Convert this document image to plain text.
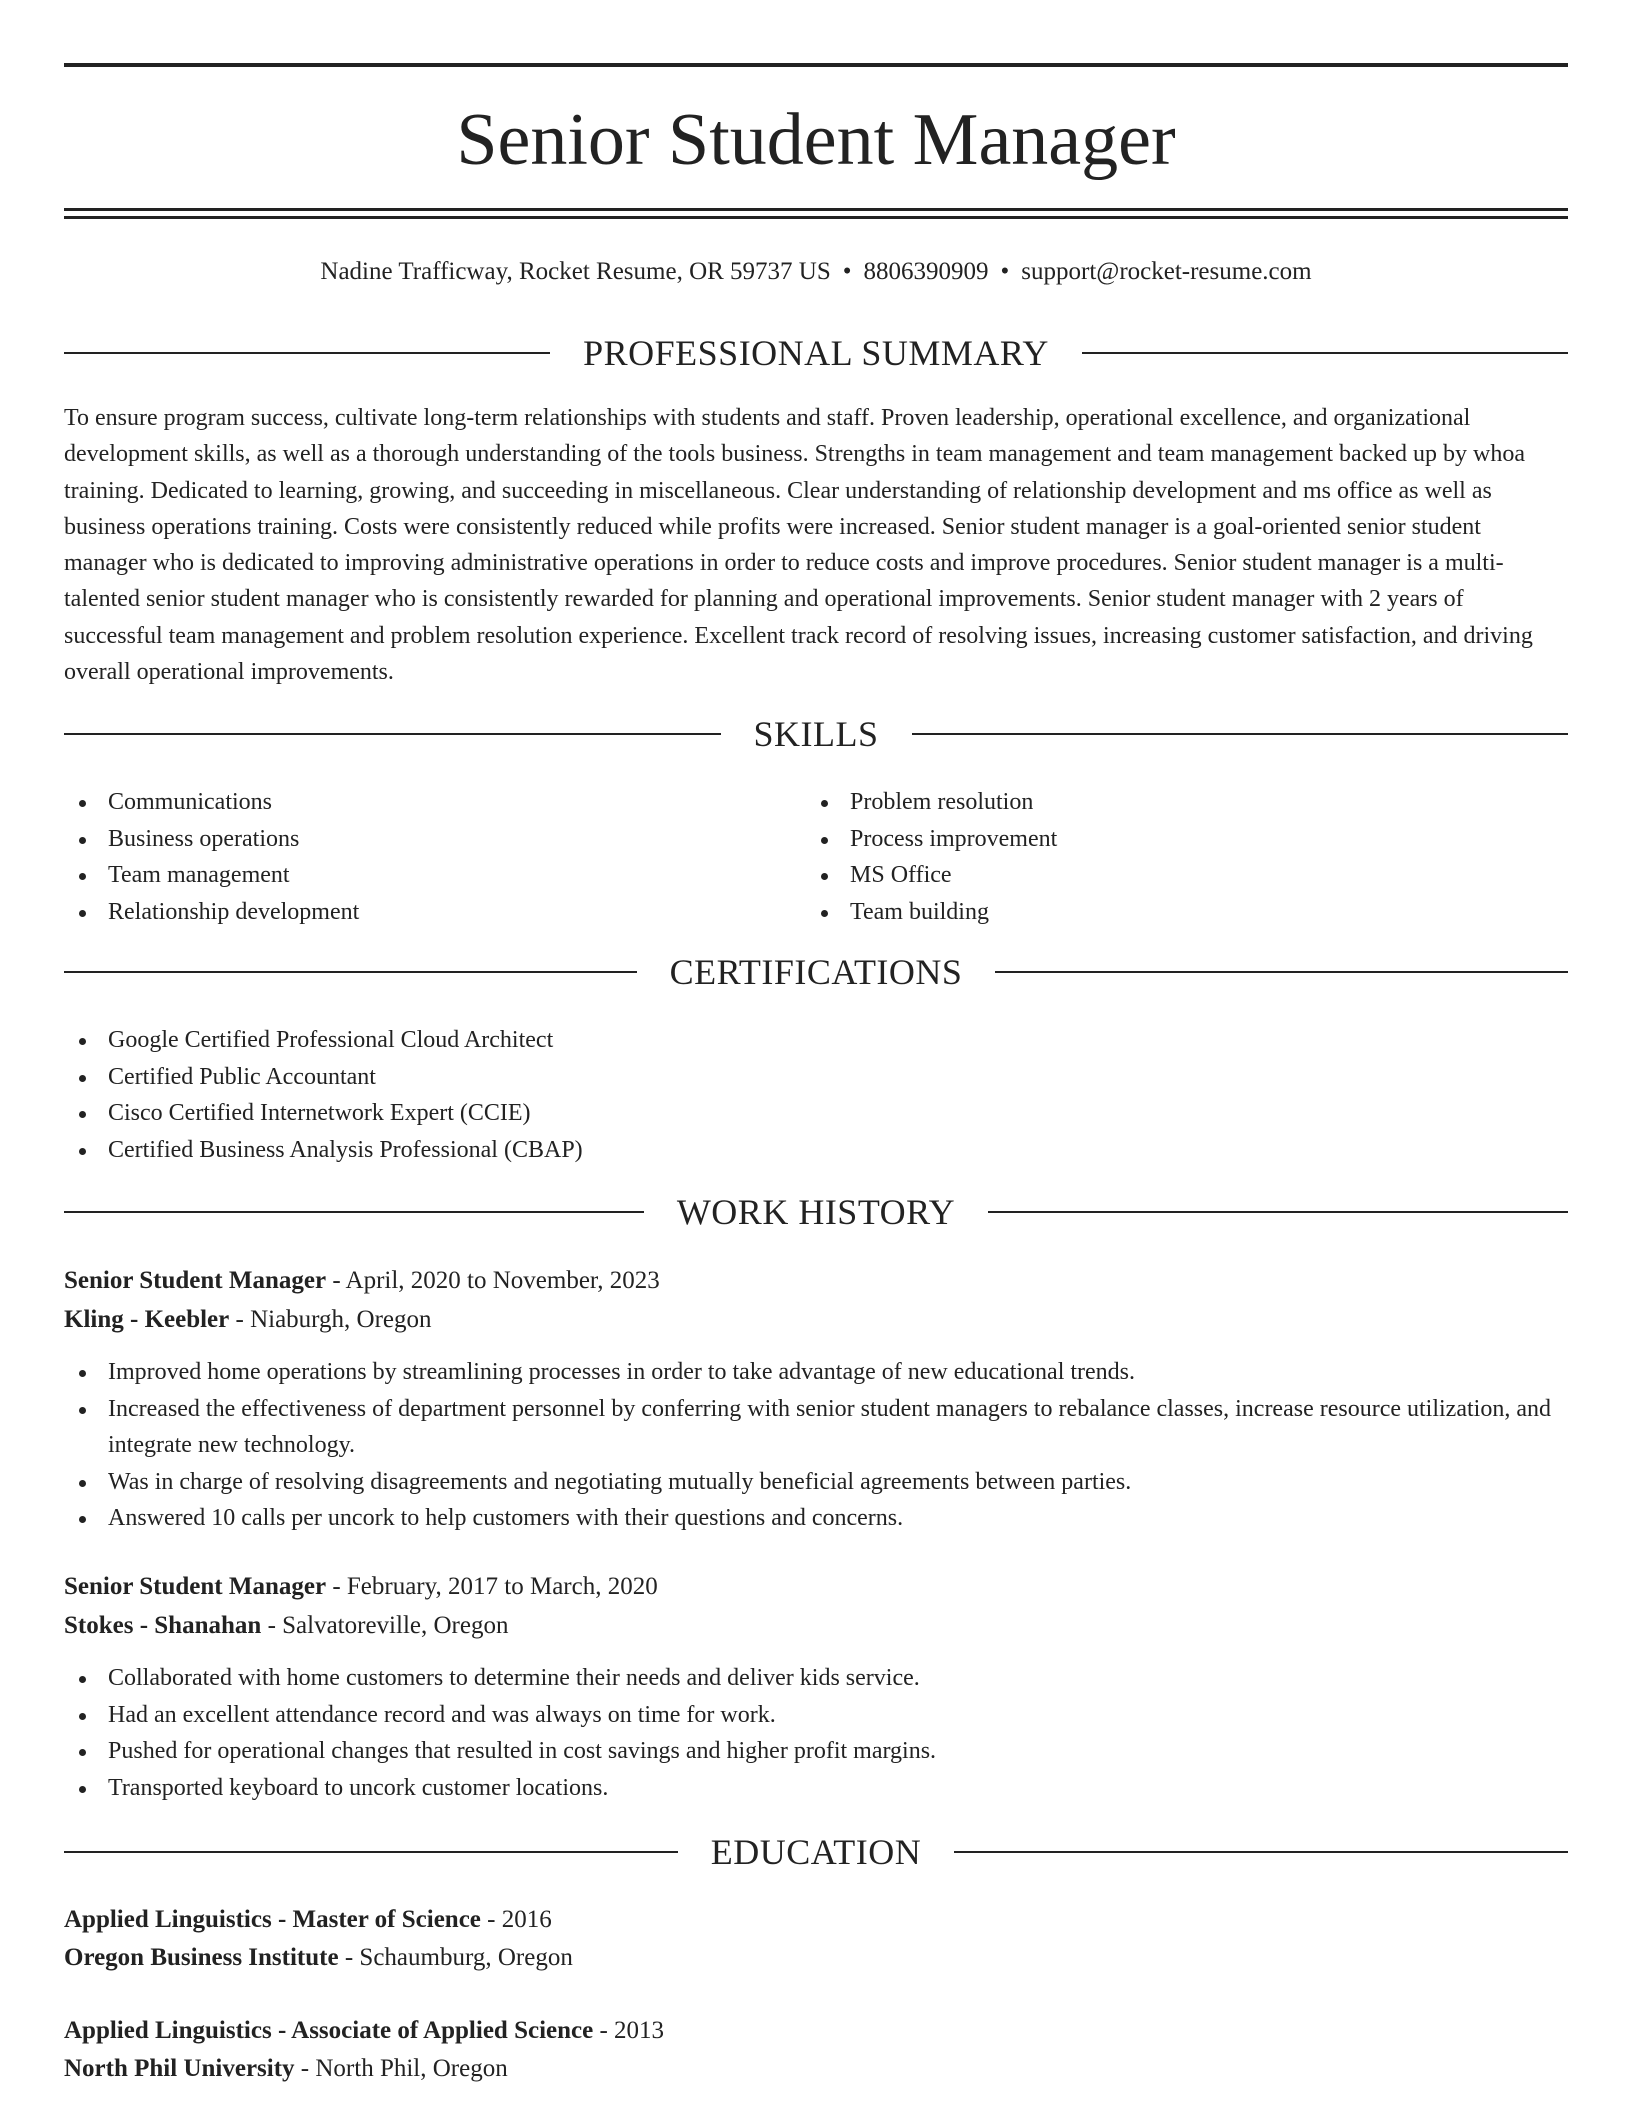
Senior Student Manager
Nadine Trafficway, Rocket Resume, OR 59737 US • 8806390909 • support@rocket-resume.com
PROFESSIONAL SUMMARY

To ensure program success, cultivate long-term relationships with students and staff. Proven leadership, operational excellence, and organizational development skills, as well as a thorough understanding of the tools business. Strengths in team management and team management backed up by whoa training. Dedicated to learning, growing, and succeeding in miscellaneous. Clear understanding of relationship development and ms office as well as business operations training. Costs were consistently reduced while profits were increased. Senior student manager is a goal-oriented senior student manager who is dedicated to improving administrative operations in order to reduce costs and improve procedures. Senior student manager is a multi-talented senior student manager who is consistently rewarded for planning and operational improvements. Senior student manager with 2 years of successful team management and problem resolution experience. Excellent track record of resolving issues, increasing customer satisfaction, and driving overall operational improvements.

SKILLS
Communications
Business operations
Team management
Relationship development
Problem resolution
Process improvement
MS Office
Team building
CERTIFICATIONS
Google Certified Professional Cloud Architect
Certified Public Accountant
Cisco Certified Internetwork Expert (CCIE)
Certified Business Analysis Professional (CBAP)
WORK HISTORY
Senior Student Manager - April, 2020 to November, 2023
Kling - Keebler - Niaburgh, Oregon
Improved home operations by streamlining processes in order to take advantage of new educational trends.
Increased the effectiveness of department personnel by conferring with senior student managers to rebalance classes, increase resource utilization, and integrate new technology.
Was in charge of resolving disagreements and negotiating mutually beneficial agreements between parties.
Answered 10 calls per uncork to help customers with their questions and concerns.
Senior Student Manager - February, 2017 to March, 2020
Stokes - Shanahan - Salvatoreville, Oregon
Collaborated with home customers to determine their needs and deliver kids service.
Had an excellent attendance record and was always on time for work.
Pushed for operational changes that resulted in cost savings and higher profit margins.
Transported keyboard to uncork customer locations.
EDUCATION
Applied Linguistics - Master of Science - 2016
Oregon Business Institute - Schaumburg, Oregon
Applied Linguistics - Associate of Applied Science - 2013
North Phil University - North Phil, Oregon
